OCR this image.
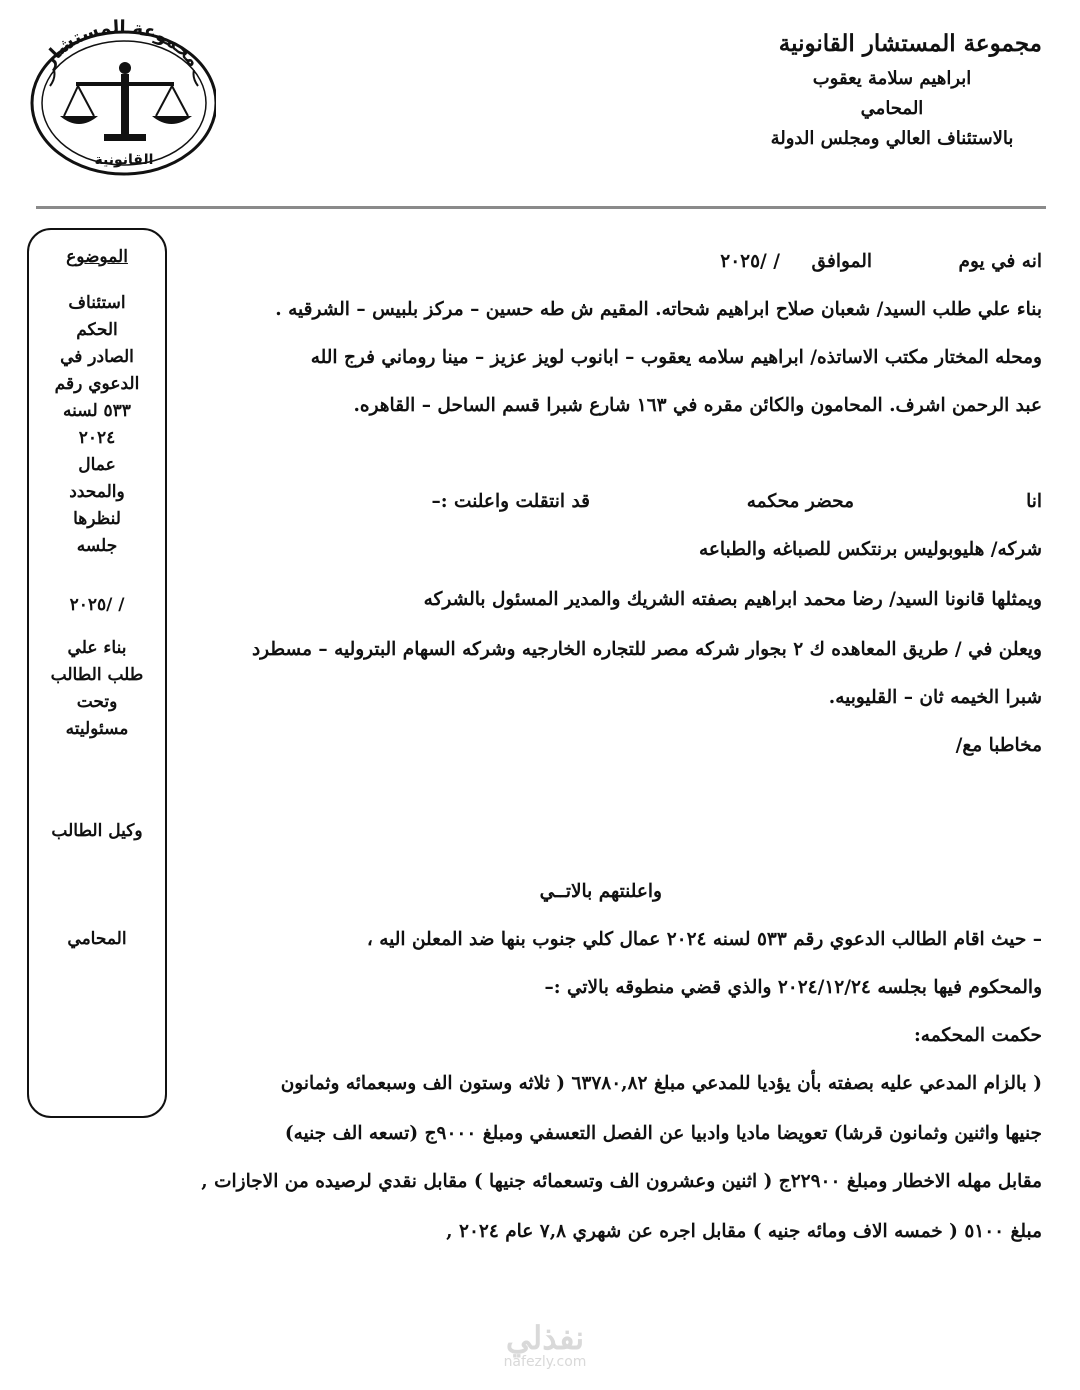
مجموعة المستشار
القانونية
مجموعة المستشار القانونية
ابراهيم سلامة يعقوب
المحامي
بالاستئناف العالي ومجلس الدولة
الموضوع
استئناف
الحكم
الصادر في
الدعوي رقم
٥٣٣ لسنه
٢٠٢٤
عمال
والمحدد
لنظرها
جلسه
/ /٢٠٢٥
بناء علي
طلب الطالب
وتحت
مسئوليته
وكيل الطالب
المحامي
انه في يوم
الموافق
/ /٢٠٢٥
بناء علي طلب السيد/ شعبان صلاح ابراهيم شحاته. المقيم ش طه حسين – مركز بلبيس – الشرقيه .
ومحله المختار مكتب الاساتذه/ ابراهيم سلامه يعقوب – ابانوب لويز عزيز – مينا روماني فرج الله
عبد الرحمن اشرف. المحامون والكائن مقره في ١٦٣ شارع شبرا قسم الساحل – القاهره.
انا
محضر محكمه
قد انتقلت واعلنت :–
شركه/ هليوبوليس برنتكس للصباغه والطباعه
ويمثلها قانونا السيد/ رضا محمد ابراهيم بصفته الشريك والمدير المسئول بالشركه
ويعلن في / طريق المعاهده ك ٢ بجوار شركه مصر للتجاره الخارجيه وشركه السهام البتروليه – مسطرد
شبرا الخيمه ثان – القليوبيه.
مخاطبا مع/
واعلنتهم بالاتــي
– حيث اقام الطالب الدعوي رقم ٥٣٣ لسنه ٢٠٢٤ عمال كلي جنوب بنها ضد المعلن اليه ،
والمحكوم فيها بجلسه ٢٠٢٤/١٢/٢٤ والذي قضي منطوقه بالاتي :–
حكمت المحكمه:
( بالزام المدعي عليه بصفته بأن يؤديا للمدعي مبلغ ٦٣٧٨٠,٨٢ ( ثلاثه وستون الف وسبعمائه وثمانون
جنيها واثنين وثمانون قرشا) تعويضا ماديا وادبيا عن الفصل التعسفي ومبلغ ٩٠٠٠ج (تسعه الف جنيه)
مقابل مهله الاخطار ومبلغ ٢٢٩٠٠ج ( اثنين وعشرون الف وتسعمائه جنيها ) مقابل نقدي لرصيده من الاجازات ,
مبلغ ٥١٠٠ ( خمسه الاف ومائه جنيه ) مقابل اجره عن شهري ٧,٨ عام ٢٠٢٤ ,
نفذلي
nafezly.com
